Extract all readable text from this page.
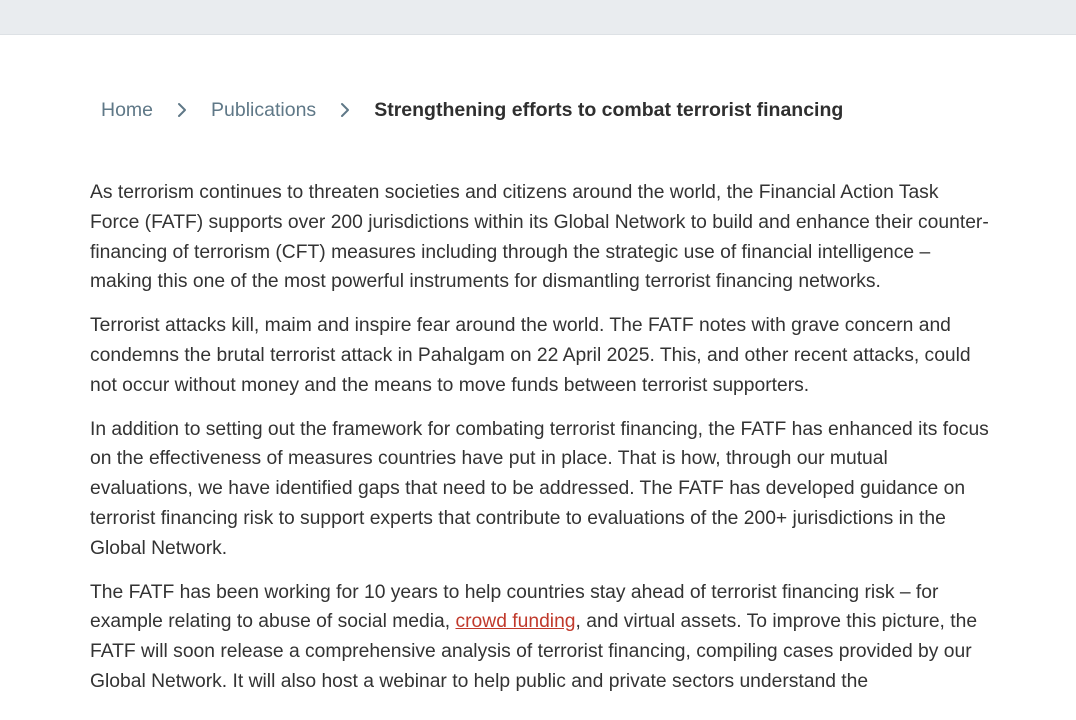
Home	Publications	Strengthening efforts to combat terrorist financing

As terrorism continues to threaten societies and citizens around the world, the Financial Action Task Force (FATF) supports over 200 jurisdictions within its Global Network to build and enhance their counter-financing of terrorism (CFT) measures including through the strategic use of financial intelligence – making this one of the most powerful instruments for dismantling terrorist financing networks.

Terrorist attacks kill, maim and inspire fear around the world. The FATF notes with grave concern and condemns the brutal terrorist attack in Pahalgam on 22 April 2025. This, and other recent attacks, could not occur without money and the means to move funds between terrorist supporters.

In addition to setting out the framework for combating terrorist financing, the FATF has enhanced its focus on the effectiveness of measures countries have put in place. That is how, through our mutual evaluations, we have identified gaps that need to be addressed. The FATF has developed guidance on terrorist financing risk to support experts that contribute to evaluations of the 200+ jurisdictions in the Global Network.

The FATF has been working for 10 years to help countries stay ahead of terrorist financing risk – for example relating to abuse of social media, crowd funding, and virtual assets. To improve this picture, the FATF will soon release a comprehensive analysis of terrorist financing, compiling cases provided by our Global Network. It will also host a webinar to help public and private sectors understand the
